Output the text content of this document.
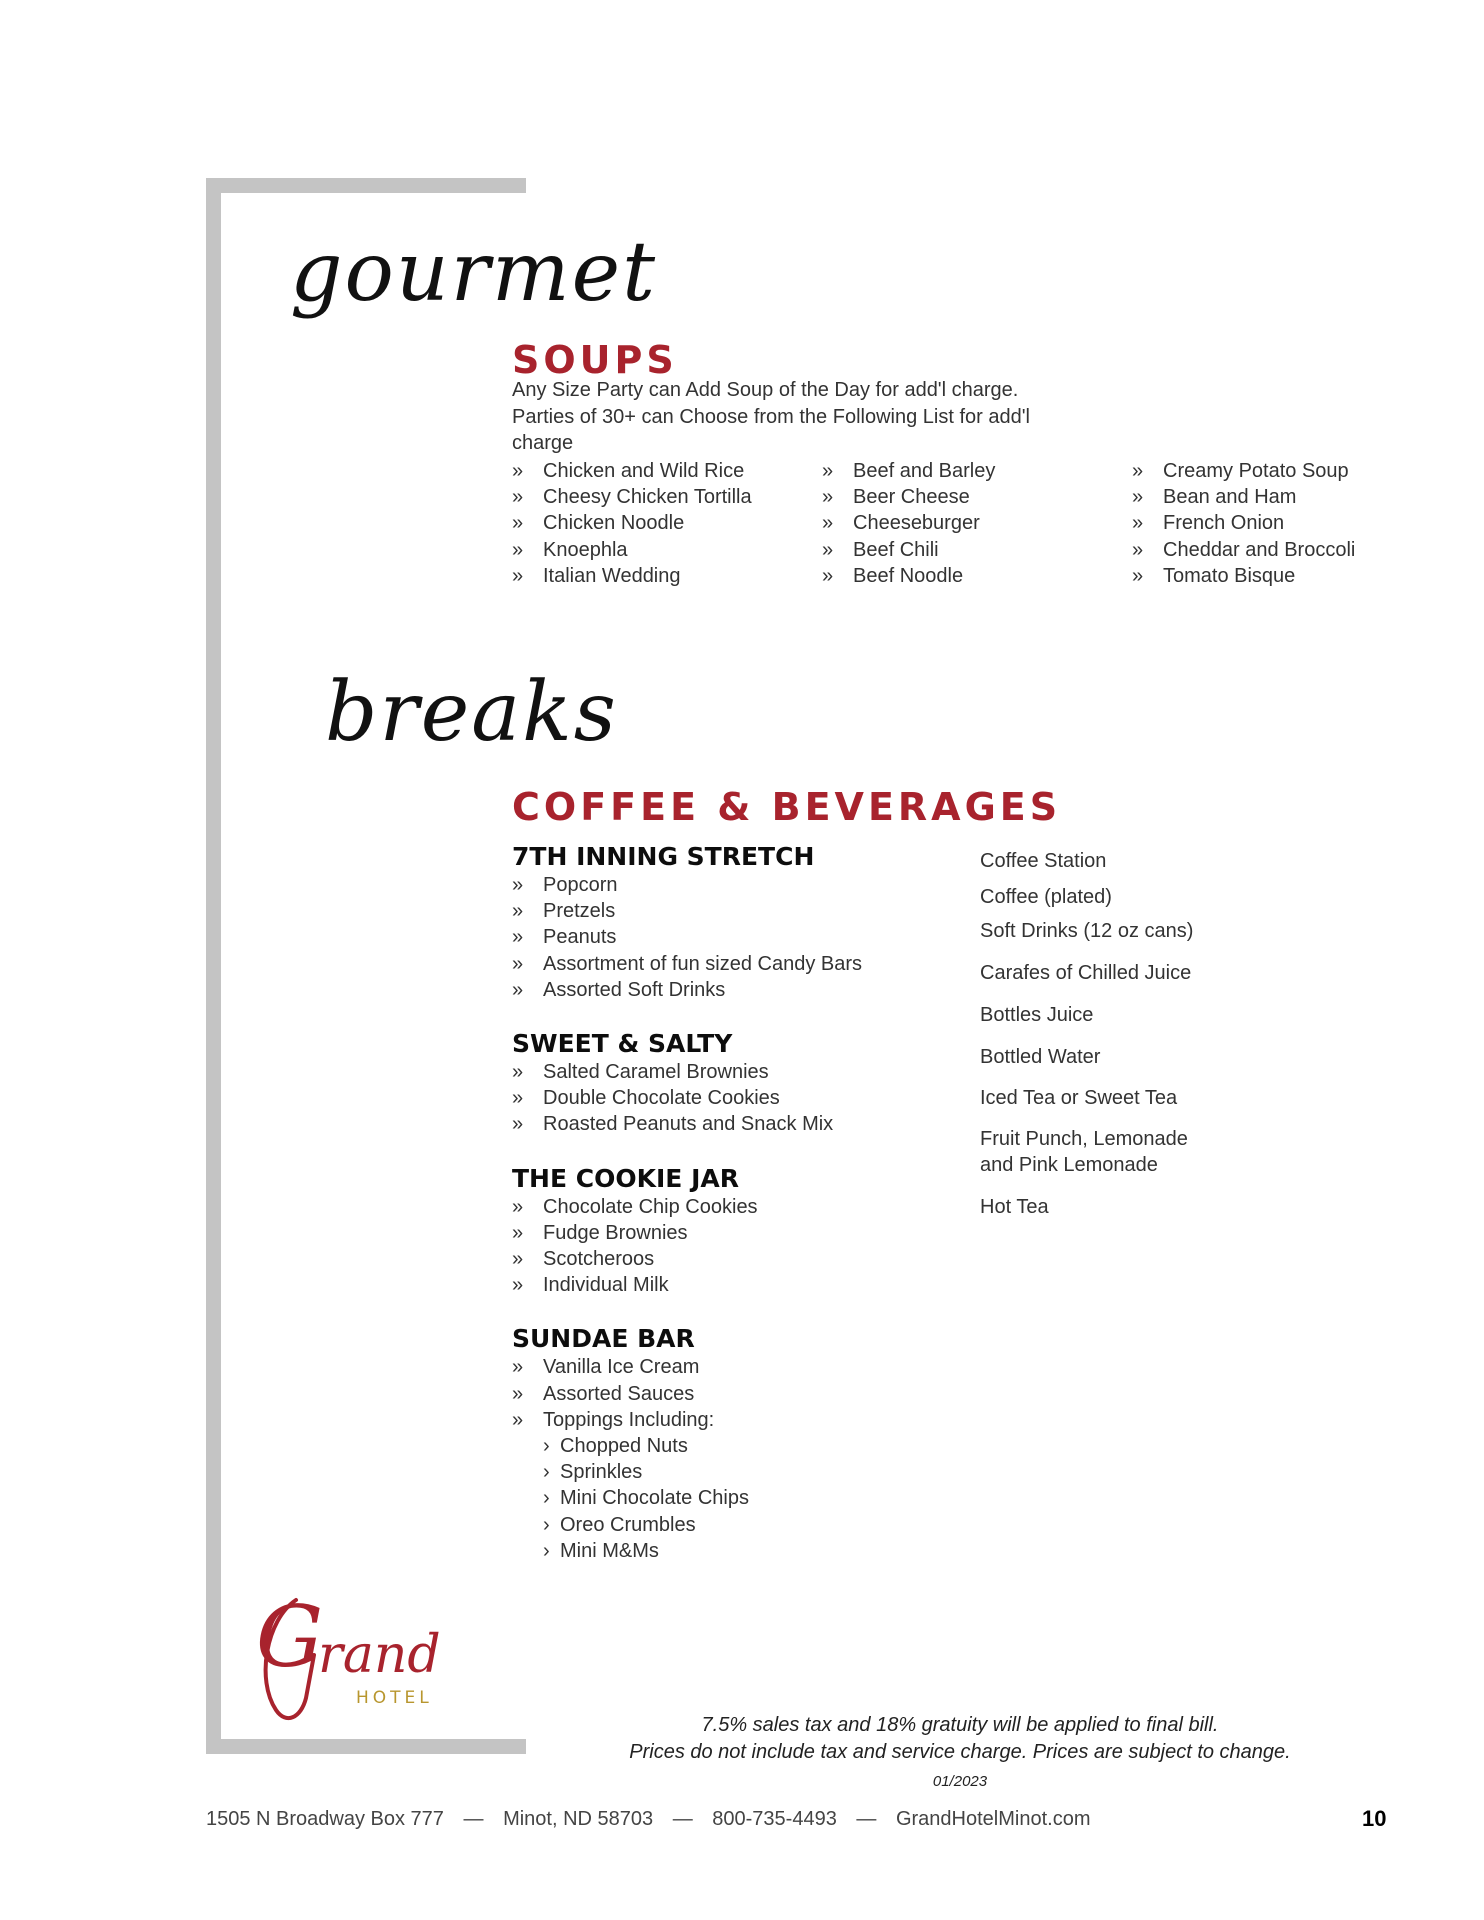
gourmet
SOUPS
Any Size Party can Add Soup of the Day for add'l charge.
Parties of 30+ can Choose from the Following List for add'l
charge
» Chicken and Wild Rice
» Cheesy Chicken Tortilla
» Chicken Noodle
» Knoephla
» Italian Wedding
» Beef and Barley
» Beer Cheese
» Cheeseburger
» Beef Chili
» Beef Noodle
» Creamy Potato Soup
» Bean and Ham
» French Onion
» Cheddar and Broccoli
» Tomato Bisque
breaks
COFFEE & BEVERAGES
7TH INNING STRETCH
» Popcorn
» Pretzels
» Peanuts
» Assortment of fun sized Candy Bars
» Assorted Soft Drinks
SWEET & SALTY
» Salted Caramel Brownies
» Double Chocolate Cookies
» Roasted Peanuts and Snack Mix
THE COOKIE JAR
» Chocolate Chip Cookies
» Fudge Brownies
» Scotcheroos
» Individual Milk
SUNDAE BAR
» Vanilla Ice Cream
» Assorted Sauces
» Toppings Including:
› Chopped Nuts
› Sprinkles
› Mini Chocolate Chips
› Oreo Crumbles
› Mini M&Ms
Coffee Station
Coffee (plated)
Soft Drinks (12 oz cans)
Carafes of Chilled Juice
Bottles Juice
Bottled Water
Iced Tea or Sweet Tea
Fruit Punch, Lemonade
and Pink Lemonade
Hot Tea
G
rand
HOTEL
7.5% sales tax and 18% gratuity will be applied to final bill.
Prices do not include tax and service charge. Prices are subject to change.
01/2023
1505 N Broadway Box 777 — Minot, ND 58703 — 800-735-4493 — GrandHotelMinot.com	10
